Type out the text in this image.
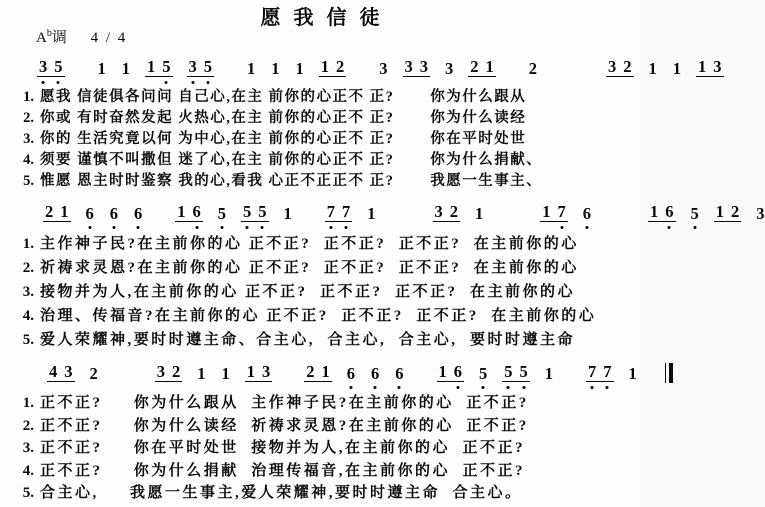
愿我信徒
$A^b$调 4 / 4
3 5 1 1 1 5 3 5 1 1 1 1 2 3 3 3 3 2 1 2	3 2 1 1 1 3
1. 愿我 信徒俱各问问 自己心,在主 前你的心正不 正?       你为什么跟从
2. 你或 有时奋然发起 火热心,在主 前你的心正不 正?       你为什么读经
3. 你的 生活究竟以何 为中心,在主 前你的心正不 正?       你在平时处世
4. 须要 谨慎不叫撒但 迷了心,在主 前你的心正不 正?       你为什么捐献、
5. 惟愿 恩主时时鉴察 我的心,看我 心正不正正不 正?       我愿一生事主、
2 1 6 6 6 1 6 5 5 5 1 7 7 1	3 2 1	1 7 6	1 6 5 1 2 3
1. 主作神子民?在主前你的心 正不正?  正不正?  正不正?  在主前你的心
2. 祈祷求灵恩?在主前你的心 正不正?  正不正?  正不正?  在主前你的心
3. 接物并为人,在主前你的心 正不正?  正不正?  正不正?  在主前你的心
4. 治理、传福音?在主前你的心 正不正?  正不正?  正不正?  在主前你的心
5. 爱人荣耀神,要时时遵主命、合主心,  合主心,  合主心,  要时时遵主命
4 3 2	3 2 1 1 1 3 2 1 6 6 6 1 6 5 5 5 1 7 7 1
1. 正不正?     你为什么跟从  主作神子民?在主前你的心  正不正?
2. 正不正?     你为什么读经  祈祷求灵恩?在主前你的心  正不正?
3. 正不正?     你在平时处世  接物并为人,在主前你的心  正不正?
4. 正不正?     你为什么捐献  治理传福音,在主前你的心  正不正?
5. 合主心,     我愿一生事主,爱人荣耀神,要时时遵主命  合主心。
